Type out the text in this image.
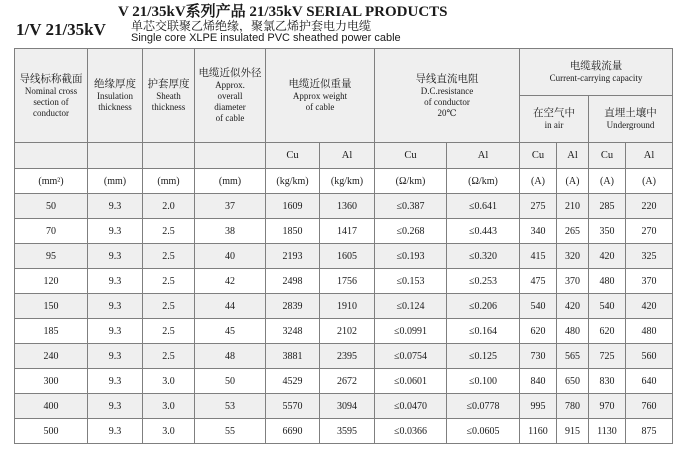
V 21/35kV系列产品 21/35kV SERIAL PRODUCTS
1/V 21/35kV 单芯交联聚乙烯绝缘，聚氯乙烯护套电力电缆
Single core XLPE insulated PVC sheathed power cable
导线标称截面
Nominal cross
section of
conductor	绝缘厚度
Insulation
thickness	护套厚度
Sheath
thickness	电缆近似外径
Approx.
overall
diameter
of cable	电缆近似重量
Approx weight
of cable		导线直流电阻
D.C.resistance
of conductor
20℃		电缆载流量
Current-carrying capacity			

								在空气中
in air		直埋土壤中
Underground	

				Cu	Al	Cu	Al	Cu	Al	Cu	Al
(mm²)	(mm)	(mm)	(mm)	(kg/km)	(kg/km)	(Ω/km)	(Ω/km)	(A)	(A)	(A)	(A)
50	9.3	2.0	37	1609	1360	≤0.387	≤0.641	275	210	285	220
70	9.3	2.5	38	1850	1417	≤0.268	≤0.443	340	265	350	270
95	9.3	2.5	40	2193	1605	≤0.193	≤0.320	415	320	420	325
120	9.3	2.5	42	2498	1756	≤0.153	≤0.253	475	370	480	370
150	9.3	2.5	44	2839	1910	≤0.124	≤0.206	540	420	540	420
185	9.3	2.5	45	3248	2102	≤0.0991	≤0.164	620	480	620	480
240	9.3	2.5	48	3881	2395	≤0.0754	≤0.125	730	565	725	560
300	9.3	3.0	50	4529	2672	≤0.0601	≤0.100	840	650	830	640
400	9.3	3.0	53	5570	3094	≤0.0470	≤0.0778	995	780	970	760
500	9.3	3.0	55	6690	3595	≤0.0366	≤0.0605	1160	915	1130	875
